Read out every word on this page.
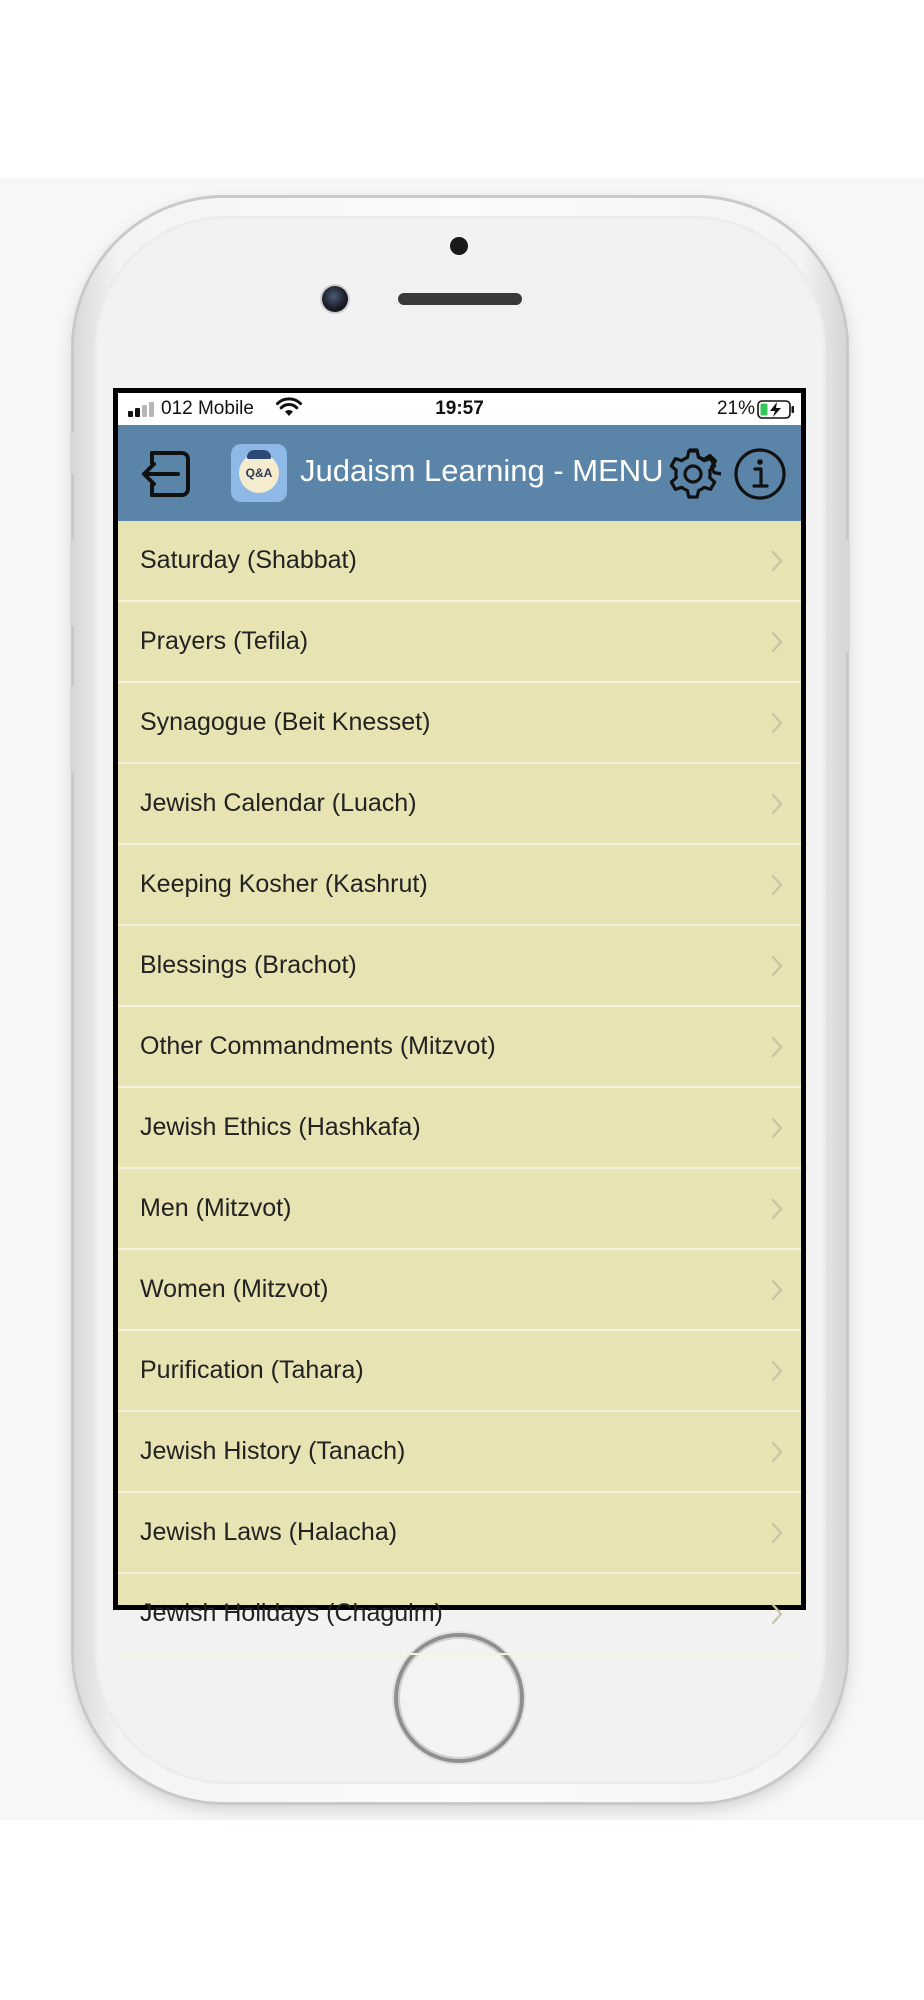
012 Mobile	19:57	21%
Q&A Judaism Learning - MENU
Saturday (Shabbat)
Prayers (Tefila)
Synagogue (Beit Knesset)
Jewish Calendar (Luach)
Keeping Kosher (Kashrut)
Blessings (Brachot)
Other Commandments (Mitzvot)
Jewish Ethics (Hashkafa)
Men (Mitzvot)
Women (Mitzvot)
Purification (Tahara)
Jewish History (Tanach)
Jewish Laws (Halacha)
Jewish Holidays (Chaguim)
